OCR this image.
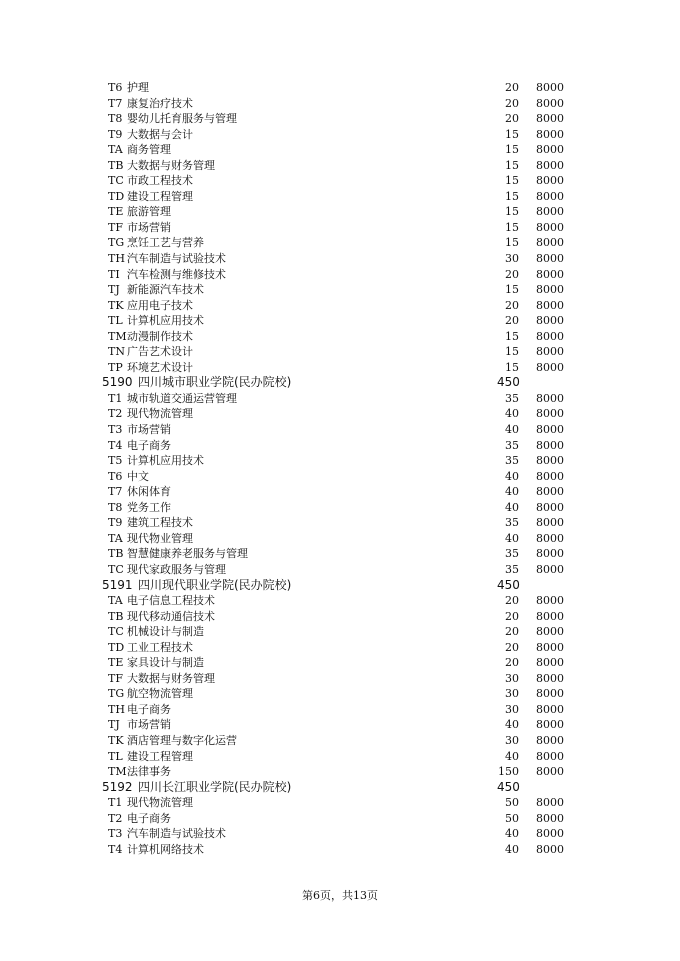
T6 护理	20 8000
T7 康复治疗技术	20 8000
T8 婴幼儿托育服务与管理	20 8000
T9 大数据与会计	15 8000
TA 商务管理	15 8000
TB 大数据与财务管理	15 8000
TC 市政工程技术	15 8000
TD 建设工程管理	15 8000
TE 旅游管理	15 8000
TF 市场营销	15 8000
TG 烹饪工艺与营养	15 8000
TH 汽车制造与试验技术	30 8000
TI 汽车检测与维修技术	20 8000
TJ 新能源汽车技术	15 8000
TK 应用电子技术	20 8000
TL 计算机应用技术	20 8000
TM 动漫制作技术	15 8000
TN 广告艺术设计	15 8000
TP 环境艺术设计	15 8000
5190 四川城市职业学院(民办院校)	450
T1 城市轨道交通运营管理	35 8000
T2 现代物流管理	40 8000
T3 市场营销	40 8000
T4 电子商务	35 8000
T5 计算机应用技术	35 8000
T6 中文	40 8000
T7 休闲体育	40 8000
T8 党务工作	40 8000
T9 建筑工程技术	35 8000
TA 现代物业管理	40 8000
TB 智慧健康养老服务与管理	35 8000
TC 现代家政服务与管理	35 8000
5191 四川现代职业学院(民办院校)	450
TA 电子信息工程技术	20 8000
TB 现代移动通信技术	20 8000
TC 机械设计与制造	20 8000
TD 工业工程技术	20 8000
TE 家具设计与制造	20 8000
TF 大数据与财务管理	30 8000
TG 航空物流管理	30 8000
TH 电子商务	30 8000
TJ 市场营销	40 8000
TK 酒店管理与数字化运营	30 8000
TL 建设工程管理	40 8000
TM 法律事务	150 8000
5192 四川长江职业学院(民办院校)	450
T1 现代物流管理	50 8000
T2 电子商务	50 8000
T3 汽车制造与试验技术	40 8000
T4 计算机网络技术	40 8000
第6页，共13页
